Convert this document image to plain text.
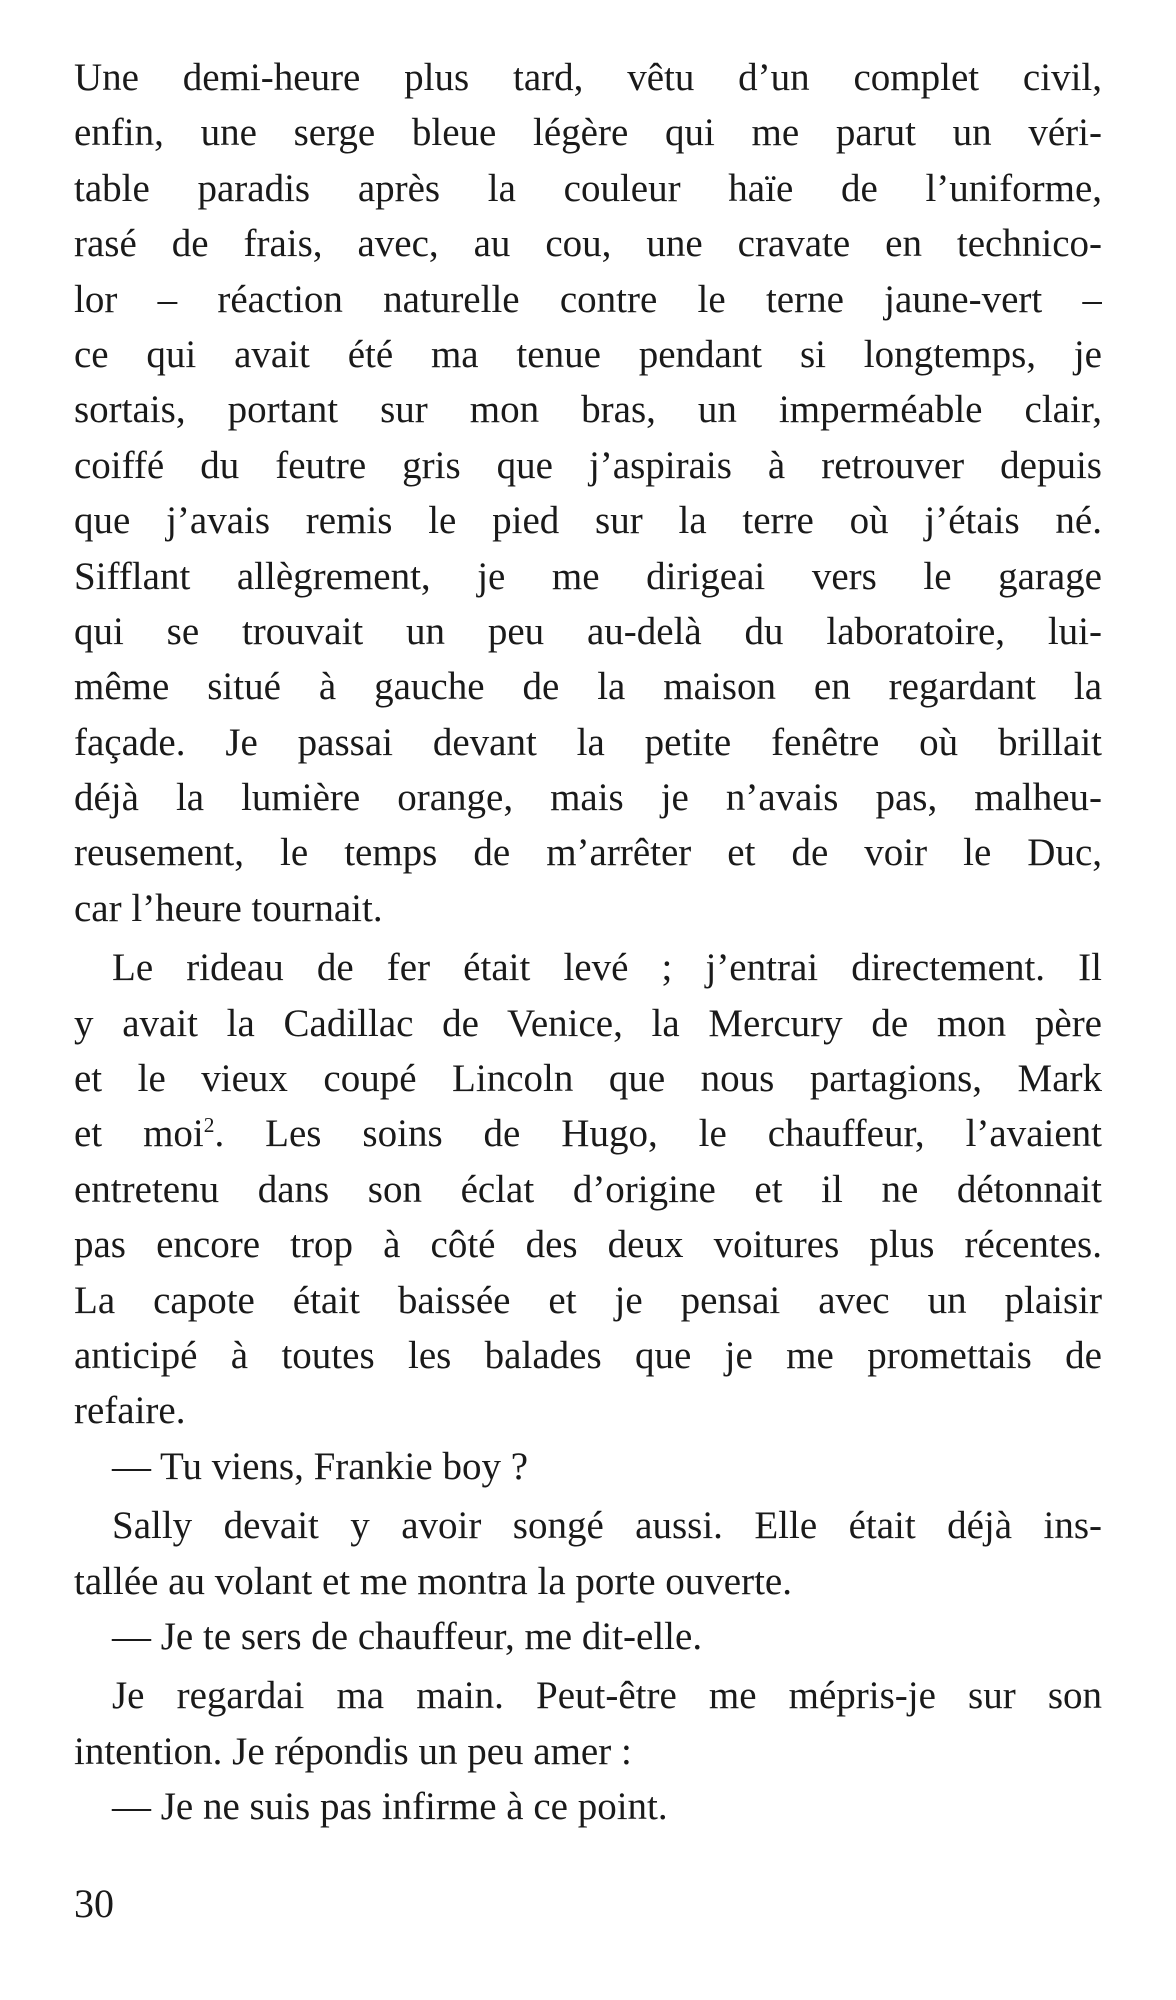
Une demi-heure plus tard, vêtu d’un complet civil,
enfin, une serge bleue légère qui me parut un véri-
table paradis après la couleur haïe de l’uniforme,
rasé de frais, avec, au cou, une cravate en technico-
lor – réaction naturelle contre le terne jaune-vert –
ce qui avait été ma tenue pendant si longtemps, je
sortais, portant sur mon bras, un imperméable clair,
coiffé du feutre gris que j’aspirais à retrouver depuis
que j’avais remis le pied sur la terre où j’étais né.
Sifflant allègrement, je me dirigeai vers le garage
qui se trouvait un peu au-delà du laboratoire, lui-
même situé à gauche de la maison en regardant la
façade. Je passai devant la petite fenêtre où brillait
déjà la lumière orange, mais je n’avais pas, malheu-
reusement, le temps de m’arrêter et de voir le Duc,
car l’heure tournait.
Le rideau de fer était levé ; j’entrai directement. Il
y avait la Cadillac de Venice, la Mercury de mon père
et le vieux coupé Lincoln que nous partagions, Mark
et moi$^2$. Les soins de Hugo, le chauffeur, l’avaient
entretenu dans son éclat d’origine et il ne détonnait
pas encore trop à côté des deux voitures plus récentes.
La capote était baissée et je pensai avec un plaisir
anticipé à toutes les balades que je me promettais de
refaire.
— Tu viens, Frankie boy ?
Sally devait y avoir songé aussi. Elle était déjà ins-
tallée au volant et me montra la porte ouverte.
— Je te sers de chauffeur, me dit-elle.
Je regardai ma main. Peut-être me mépris-je sur son
intention. Je répondis un peu amer :
— Je ne suis pas infirme à ce point.
30
